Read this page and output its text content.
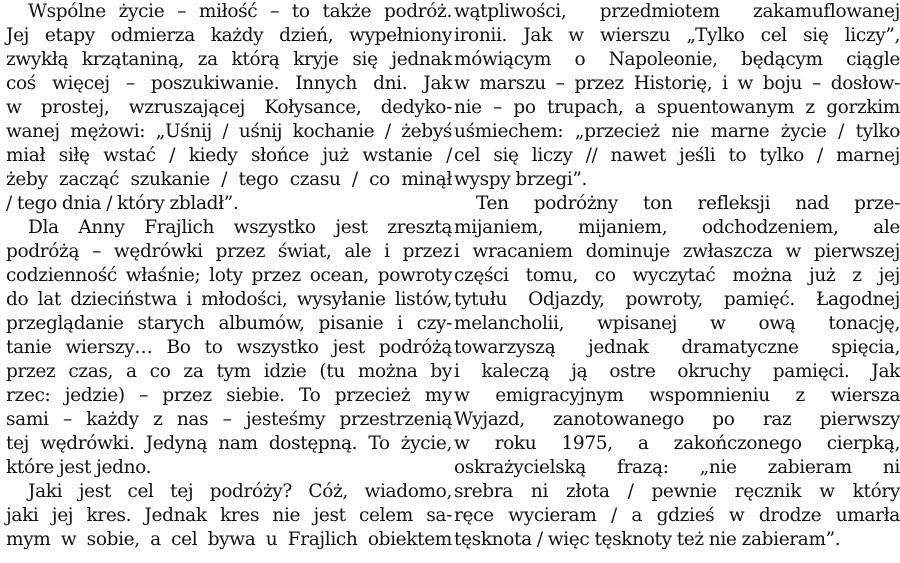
Wspólne życie – miłość – to także podróż.
Jej etapy odmierza każdy dzień, wypełniony
zwykłą krzątaniną, za którą kryje się jednak
coś więcej – poszukiwanie. Innych dni. Jak
w prostej, wzruszającej Kołysance, dedyko-
wanej mężowi: „Uśnij / uśnij kochanie / żebyś
miał siłę wstać / kiedy słońce już wstanie /
żeby zacząć szukanie / tego czasu / co minął
/ tego dnia / który zbladł”.
Dla Anny Frajlich wszystko jest zresztą
podróżą – wędrówki przez świat, ale i przez
codzienność właśnie; loty przez ocean, powroty
do lat dzieciństwa i młodości, wysyłanie listów,
przeglądanie starych albumów, pisanie i czy-
tanie wierszy… Bo to wszystko jest podróżą
przez czas, a co za tym idzie (tu można by
rzec: jedzie) – przez siebie. To przecież my
sami – każdy z nas – jesteśmy przestrzenią
tej wędrówki. Jedyną nam dostępną. To życie,
które jest jedno.
Jaki jest cel tej podróży? Cóż, wiadomo,
jaki jej kres. Jednak kres nie jest celem sa-
mym w sobie, a cel bywa u Frajlich obiektem
wątpliwości, przedmiotem zakamuflowanej
ironii. Jak w wierszu „Tylko cel się liczy”,
mówiącym o Napoleonie, będącym ciągle
w marszu – przez Historię, i w boju – dosłow-
nie – po trupach, a spuentowanym z gorzkim
uśmiechem: „przecież nie marne życie / tylko
cel się liczy // nawet jeśli to tylko / marnej
wyspy brzegi”.
Ten podróżny ton refleksji nad prze-
mijaniem, mijaniem, odchodzeniem, ale
i wracaniem dominuje zwłaszcza w pierwszej
części tomu, co wyczytać można już z jej
tytułu Odjazdy, powroty, pamięć. Łagodnej
melancholii, wpisanej w ową tonację,
towarzyszą jednak dramatyczne spięcia,
i kaleczą ją ostre okruchy pamięci. Jak
w emigracyjnym wspomnieniu z wiersza
Wyjazd, zanotowanego po raz pierwszy
w roku 1975, a zakończonego cierpką,
oskrażycielską frazą: „nie zabieram ni
srebra ni złota / pewnie ręcznik w który
ręce wycieram / a gdzieś w drodze umarła
tęsknota / więc tęsknoty też nie zabieram”.
